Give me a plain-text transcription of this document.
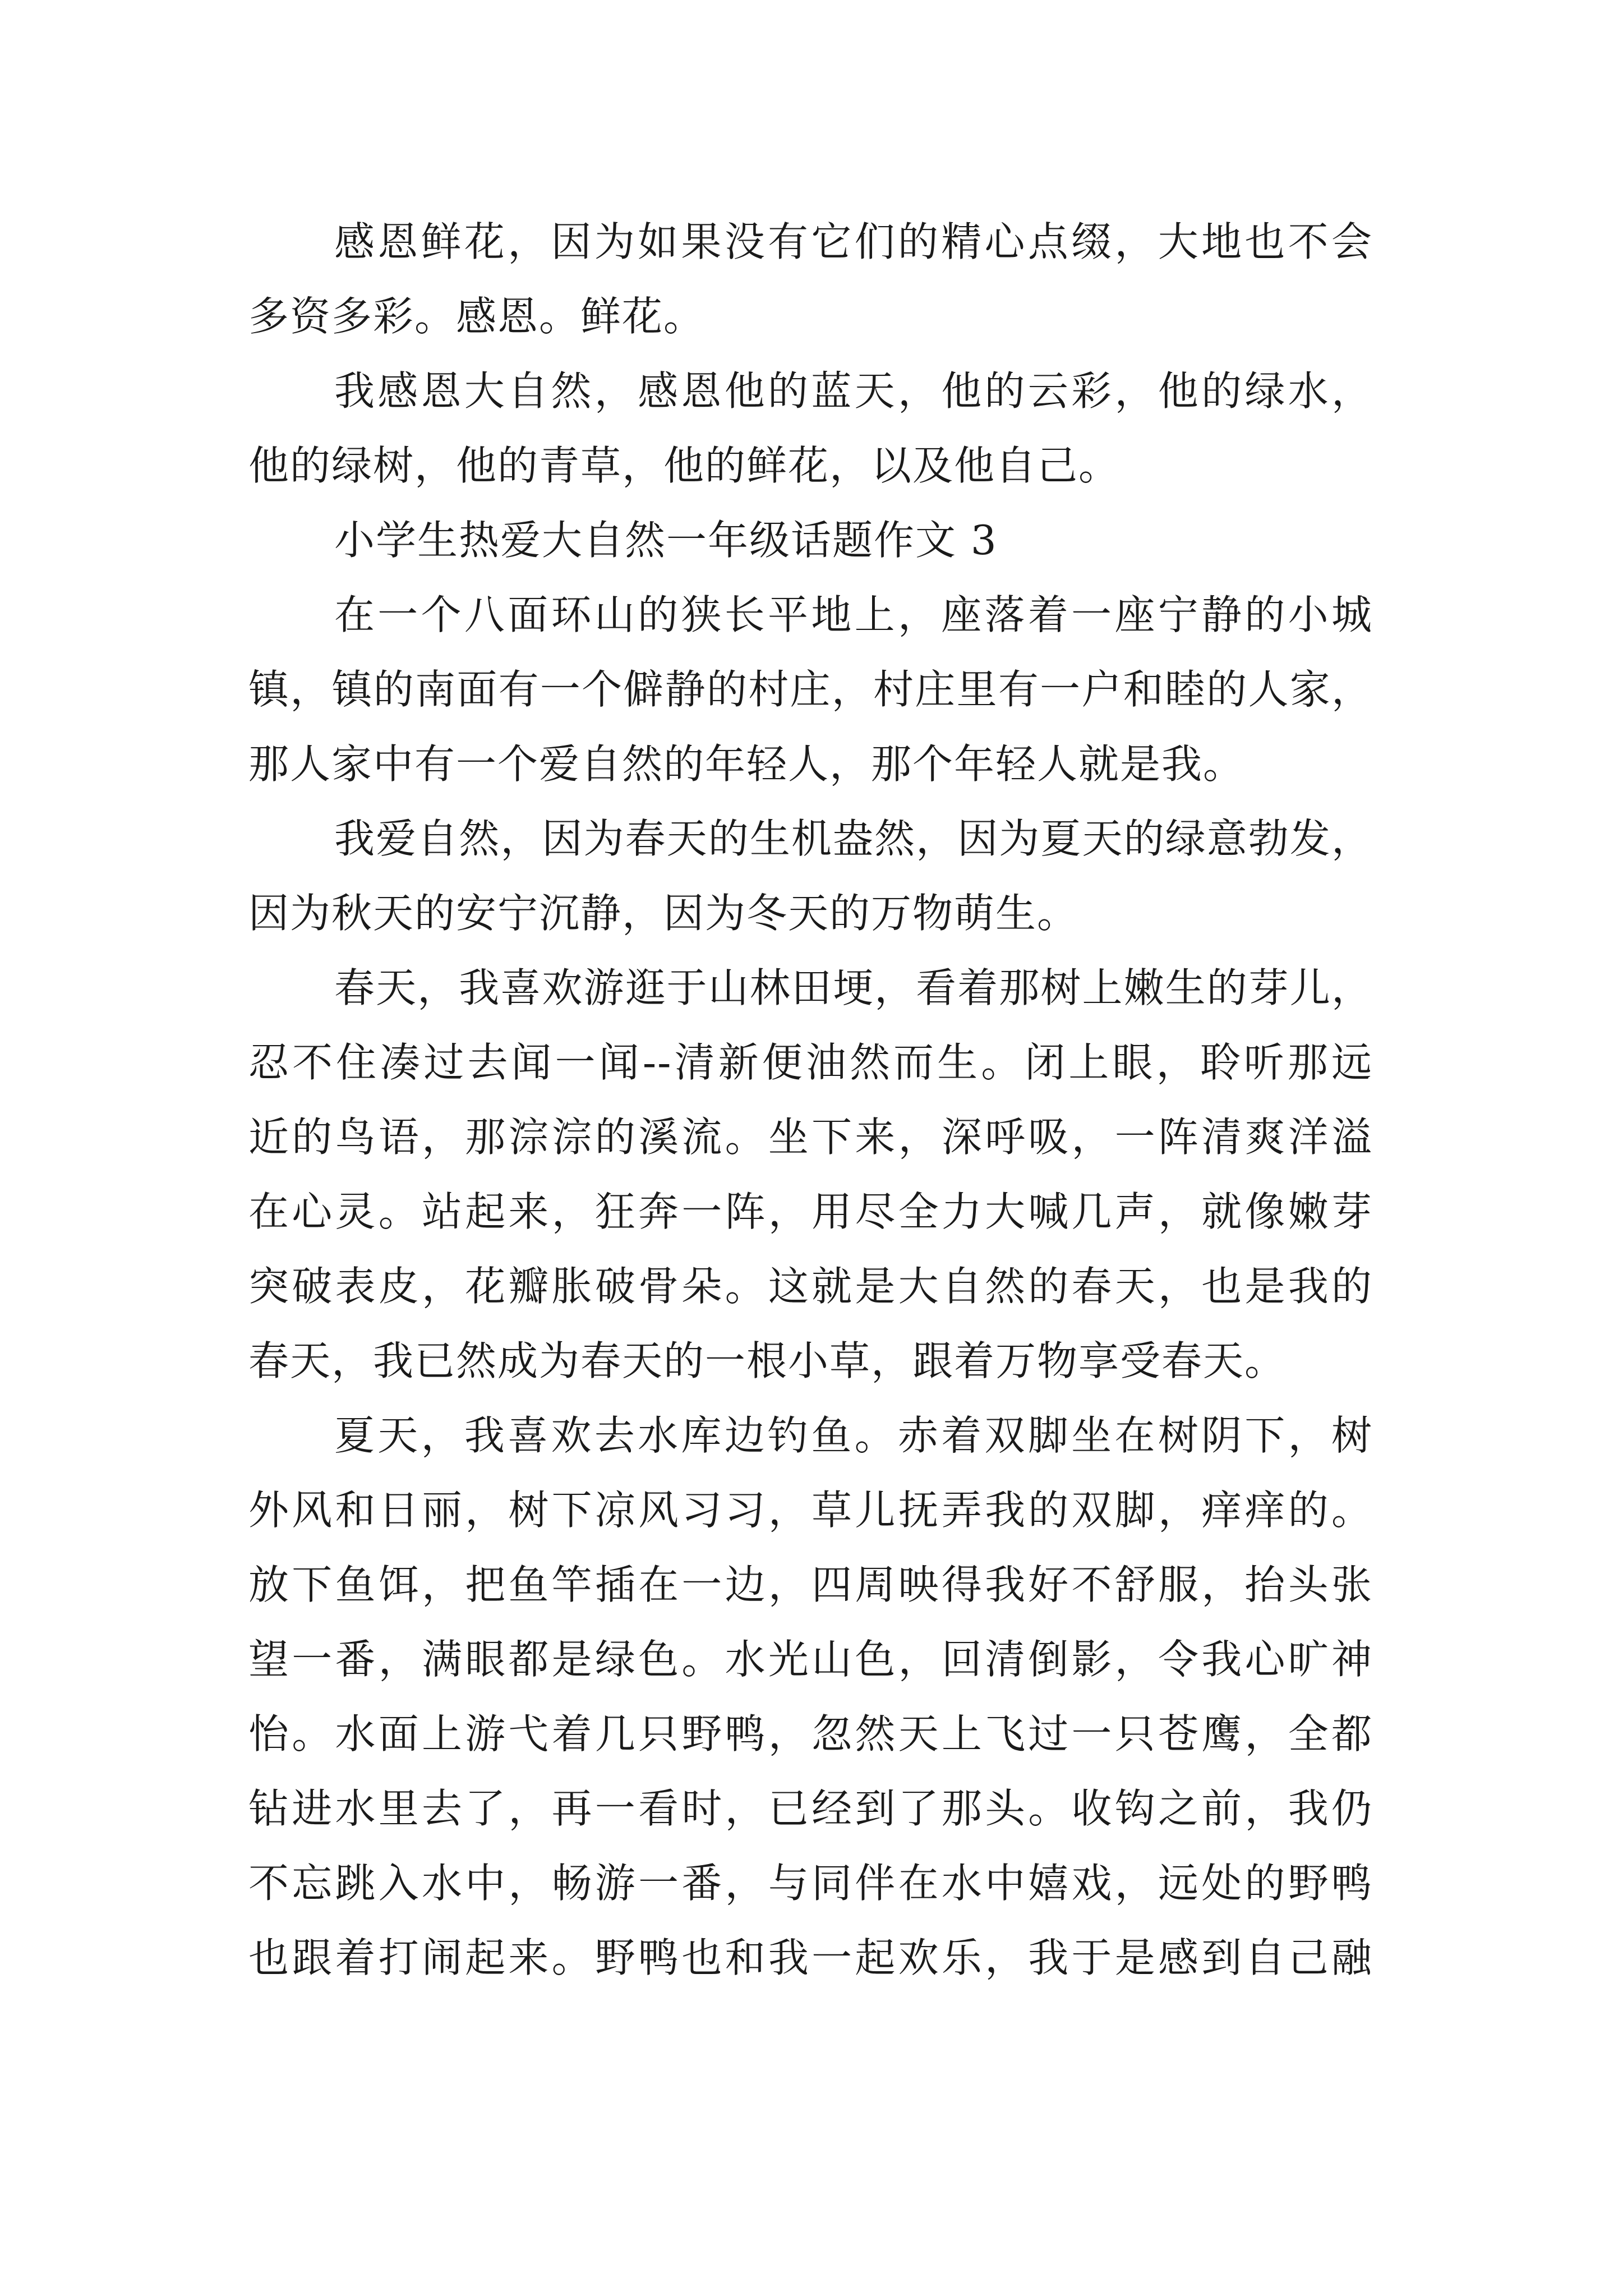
感恩鲜花，因为如果没有它们的精心点缀，大地也不会
多资多彩。感恩。鲜花。
我感恩大自然，感恩他的蓝天，他的云彩，他的绿水，
他的绿树，他的青草，他的鲜花，以及他自己。
小学生热爱大自然一年级话题作文 3
在一个八面环山的狭长平地上，座落着一座宁静的小城
镇，镇的南面有一个僻静的村庄，村庄里有一户和睦的人家，
那人家中有一个爱自然的年轻人，那个年轻人就是我。
我爱自然，因为春天的生机盎然，因为夏天的绿意勃发，
因为秋天的安宁沉静，因为冬天的万物萌生。
春天，我喜欢游逛于山林田埂，看着那树上嫩生的芽儿，
忍不住凑过去闻一闻--清新便油然而生。闭上眼，聆听那远
近的鸟语，那淙淙的溪流。坐下来，深呼吸，一阵清爽洋溢
在心灵。站起来，狂奔一阵，用尽全力大喊几声，就像嫩芽
突破表皮，花瓣胀破骨朵。这就是大自然的春天，也是我的
春天，我已然成为春天的一根小草，跟着万物享受春天。
夏天，我喜欢去水库边钓鱼。赤着双脚坐在树阴下，树
外风和日丽，树下凉风习习，草儿抚弄我的双脚，痒痒的。
放下鱼饵，把鱼竿插在一边，四周映得我好不舒服，抬头张
望一番，满眼都是绿色。水光山色，回清倒影，令我心旷神
怡。水面上游弋着几只野鸭，忽然天上飞过一只苍鹰，全都
钻进水里去了，再一看时，已经到了那头。收钩之前，我仍
不忘跳入水中，畅游一番，与同伴在水中嬉戏，远处的野鸭
也跟着打闹起来。野鸭也和我一起欢乐，我于是感到自己融
